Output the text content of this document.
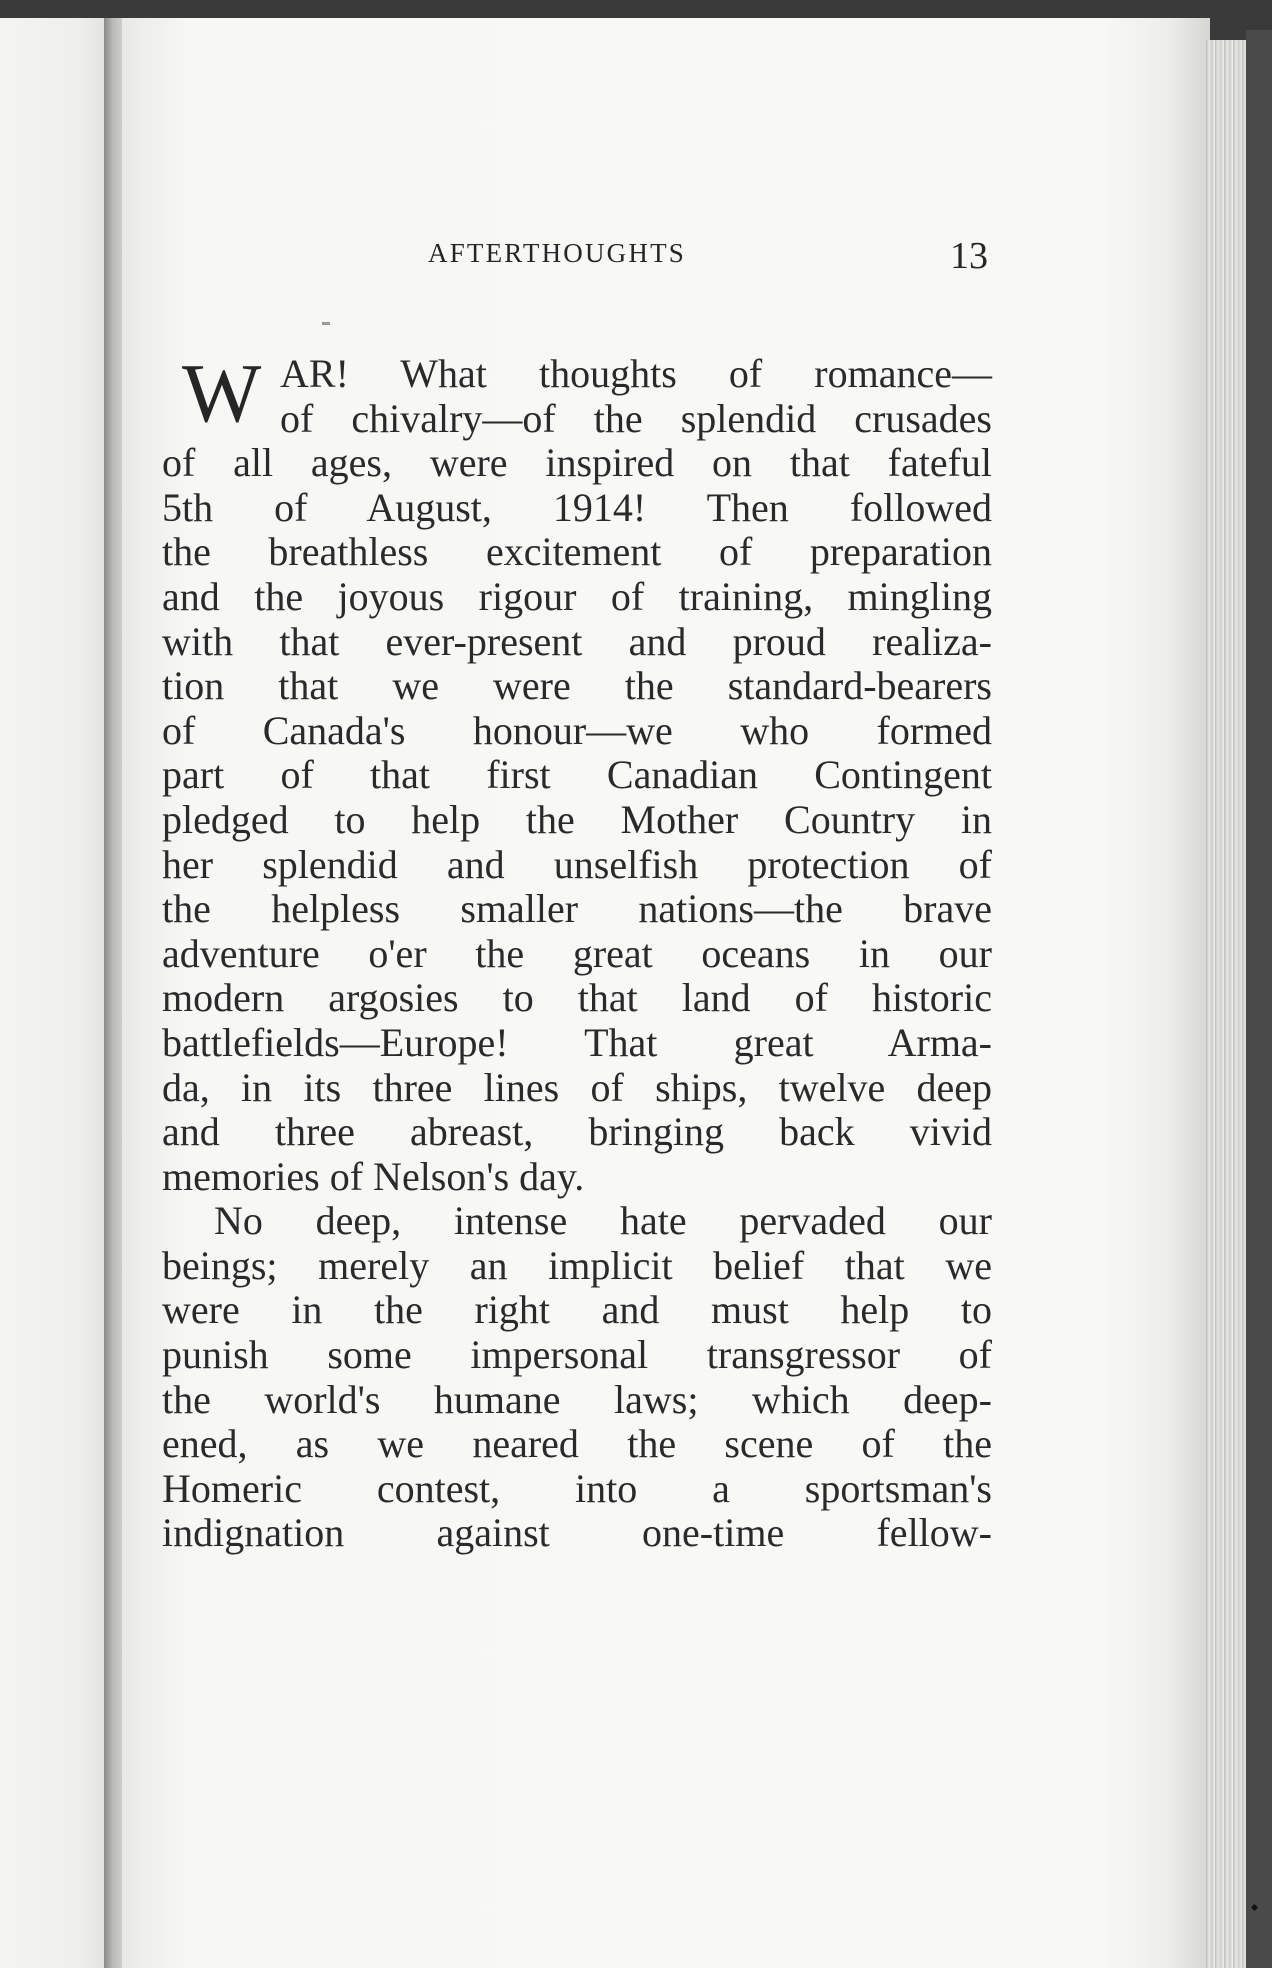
AFTERTHOUGHTS	13
W AR! What thoughts of romance—
of chivalry—of the splendid crusades
of all ages, were inspired on that fateful
5th of August, 1914! Then followed
the breathless excitement of preparation
and the joyous rigour of training, mingling
with that ever-present and proud realiza-
tion that we were the standard-bearers
of Canada's honour—we who formed
part of that first Canadian Contingent
pledged to help the Mother Country in
her splendid and unselfish protection of
the helpless smaller nations—the brave
adventure o'er the great oceans in our
modern argosies to that land of historic
battlefields—Europe! That great Arma-
da, in its three lines of ships, twelve deep
and three abreast, bringing back vivid
memories of Nelson's day.
No deep, intense hate pervaded our
beings; merely an implicit belief that we
were in the right and must help to
punish some impersonal transgressor of
the world's humane laws; which deep-
ened, as we neared the scene of the
Homeric contest, into a sportsman's
indignation against one-time fellow-
